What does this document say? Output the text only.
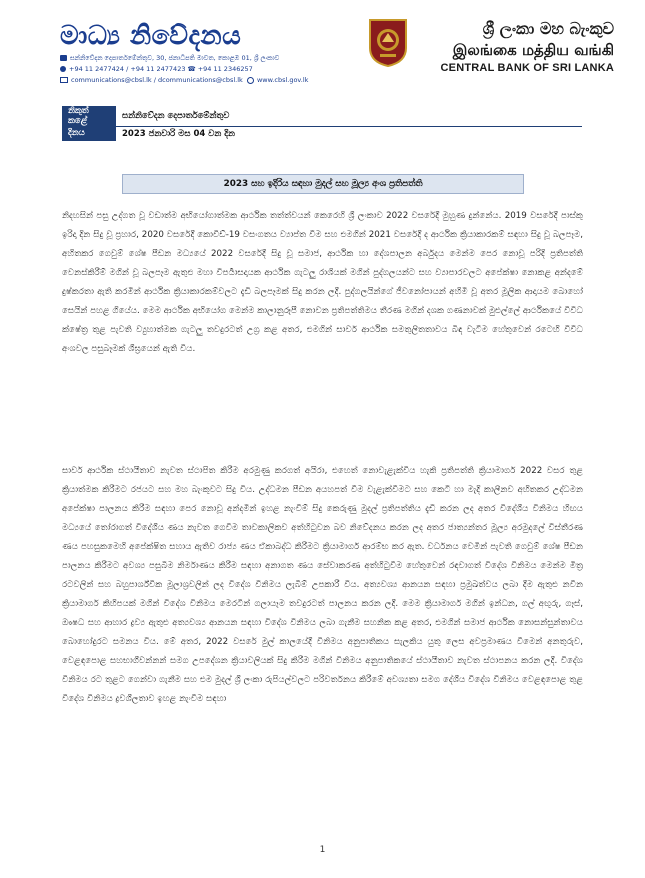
මාධ්‍ය නිවේදනය
සන්නිවේදන දෙපාර්තමේන්තුව, 30, ජනාධිපති මාවත, කොළඹ 01, ශ්‍රී ලංකාව
+94 11 2477424 / +94 11 2477423 ☎ +94 11 2346257
communications@cbsl.lk / dcommunications@cbsl.lk www.cbsl.gov.lk
ශ්‍රී ලංකා මහ බැංකුව
இலங்கை மத்திய வங்கி
CENTRAL BANK OF SRI LANKA
නිකුත් කළේ	සන්නිවේදන දෙපාර්තමේන්තුව
දිනය	2023 ජනවාරි මස 04 වන දින
2023 සහ ඉදිරිය සඳහා මුදල් සහ මූල්‍ය අංශ ප්‍රතිපත්ති
නිදහසින් පසු උද්ගත වූ වඩාත්ම අභියෝගාත්මක ආර්ථික තත්ත්වයන් කෙරෙහි ශ්‍රී ලංකාව 2022 වසරේදී මුහුණ දුන්නේය. 2019 වසරේදී පාස්කු ඉරිදා දින සිදු වූ ප්‍රහාර, 2020 වසරේදී කොවිඩ්-19 වසංගතය ව්‍යාප්ත වීම සහ එමගින් 2021 වසරේදී ද ආර්ථික ක්‍රියාකාරකම් සඳහා සිදු වූ බලපෑම, අහිතකර ගෙවුම් ශේෂ පීඩන මධ්‍යයේ 2022 වසරේදී සිදු වූ සමාජ, ආර්ථික හා දේශපාලන අර්බුදය මෙන්ම පෙර නොවූ පරිදි ප්‍රතිපත්ති වෙනස්කිරීම් මගින් වූ බලපෑම ඇතුළු මහා විපර්‍යාසදායක ආර්ථික ගැටලු රාශියක් මගින් පුද්ගලයන්ට සහ ව්‍යාපාරවලට අපේක්ෂා නොකළ අන්දමේ දුෂ්කරතා ඇති කරමින් ආර්ථික ක්‍රියාකාරකම්වලට දැඩි බලපෑමක් සිදු කරන ලදී. පුද්ගලයින්ගේ ජීවනෝපායන් අහිමි වූ අතර මූලික ආදායම බොහෝ සෙයින් පහළ ගියේය. මෙම ආර්ථික අභියෝග මෙන්ම කාලානුරූපී නොවන ප්‍රතිපත්තිමය තීරණ මගින් දශක ගණනාවක් මුළුල්ලේ ආර්ථිකයේ විවිධ ක්ෂේත්‍ර තුළ පැවති ව්‍යුහාත්මක ගැටලු තවදුරටත් උග්‍ර කළ අතර, එමගින් සාර්ව ආර්ථික සමතුලිතතාවය බිඳ වැටීම හේතුවෙන් රටෙහි විවිධ අංශවල පසුබෑමක් ශීඝ්‍රයෙන් ඇති විය.
සාර්ව ආර්ථික ස්ථායීතාව නැවත ස්ථාපිත කිරීම අරමුණු කරගත් අයිරා, එහෙත් නොවැළැක්විය හැකි ප්‍රතිපත්ති ක්‍රියාමාර්ග 2022 වසර තුළ ක්‍රියාත්මක කිරීමට රජයට සහ මහ බැංකුවට සිදු විය. උද්ධමන පීඩන අයහපත් වීම වැළැක්වීමට සහ කෙටි හා මැදි කාලීනව අහිතකර උද්ධමන අපේක්ෂා පාලනය කිරීම සඳහා පෙර නොවූ අන්දමින් ඉහළ නැංවීම් සිදු කෙරුණු මුදල් ප්‍රතිපත්තිය දැඩි කරන ලද අතර විදේශීය විනිමය හිඟය මධ්‍යයේ තෝරාගත් විදේශීය ණය නැවත ගෙවීම තාවකාලිකව අත්හිටුවන බව නිවේදනය කරන ලද අතර ජාත්‍යන්තර මූල්‍ය අරමුදලේ විස්තීරණ ණය පහසුකමෙහි අපේක්ෂිත සහාය ඇතිව රාජ්‍ය ණය ඒකාබද්ධ කිරීමට ක්‍රියාමාර්ග ආරම්භ කර ඇත. වර්ධනය වෙමින් පැවති ගෙවුම් ශේෂ පීඩන පාලනය කිරීමට අවශ්‍ය පසුබිම නිර්මාණය කිරීම සඳහා අනාගත ණය සේවාකරණ අත්හිටුවීම හේතුවෙන් රඳවාගත් විදේශ විනිමය මෙන්ම මිත්‍ර රටවලින් සහ බහුපාර්ශ්වික මූලාශ්‍රවලින් ලද විදේශ විනිමය ලැබීම් උපකාරී විය. අත්‍යවශ්‍ය ආනයන සඳහා ප්‍රමුඛත්වය ලබා දීම ඇතුළු නවීන ක්‍රියාමාර්ග කිහිපයක් මගින් විදේශ විනිමය මෙරටින් ගලායෑම තවදුරටත් පාලනය කරන ලදී. මෙම ක්‍රියාමාර්ග මගින් ඉන්ධන, ගල් අඟුරු, ගෑස්, ඖෂධ සහ ආහාර ද්‍රව්‍ය ඇතුළු අත්‍යවශ්‍ය ආනයන සඳහා විදේශ විනිමය ලබා ගැනීම සහනික කළ අතර, එමගින් සමාජ ආර්ථික නොසන්සුන්තාවය බොහෝදුරට සමනය විය. මේ අතර, 2022 වසරේ මුල් කාලයේදී විනිමය අනුපාතිකය සැලකිය යුතු ලෙස අවප්‍රමාණය වීමෙන් අනතුරුව, වෙළඳපොළ සහභාගීවන්නන් සමග උපදේශන ක්‍රියාවලියක් සිදු කිරීම මගින් විනිමය අනුපාතිකයේ ස්ථායීතාව නැවත ස්ථාපනය කරන ලදී. විදේශ විනිමය රට තුළට ගෙන්වා ගැනීම සහ එම මුදල් ශ්‍රී ලංකා රුපියල්වලට පරිවර්තනය කිරීමේ අවශ්‍යතා සමග දේශීය විදේශ විනිමය වෙළඳපොළ තුළ විදේශ විනිමය ද්‍රවශීලතාව ඉහළ නැංවීම සඳහා
1
